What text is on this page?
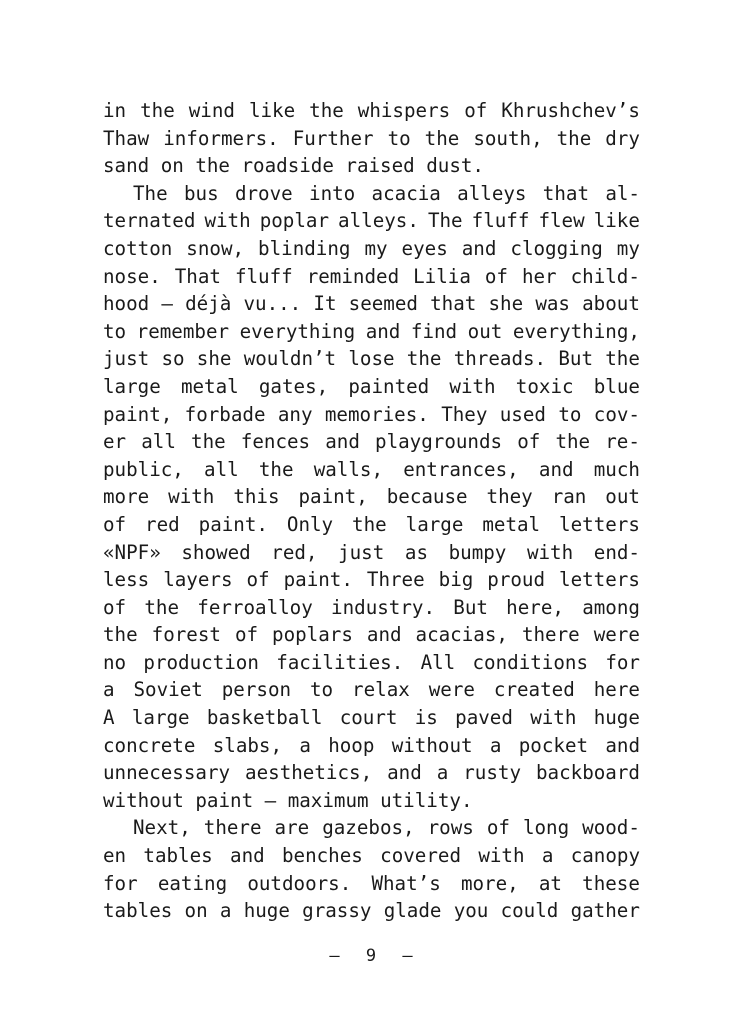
in the wind like the whispers of Khrushchev’s
Thaw informers. Further to the south, the dry
sand on the roadside raised dust.
The bus drove into acacia alleys that al-
ternated with poplar alleys. The fluff flew like
cotton snow, blinding my eyes and clogging my
nose. That fluff reminded Lilia of her child-
hood – déjà vu... It seemed that she was about
to remember everything and find out everything,
just so she wouldn’t lose the threads. But the
large metal gates, painted with toxic blue
paint, forbade any memories. They used to cov-
er all the fences and playgrounds of the re-
public, all the walls, entrances, and much
more with this paint, because they ran out
of red paint. Only the large metal letters
«NPF» showed red, just as bumpy with end-
less layers of paint. Three big proud letters
of the ferroalloy industry. But here, among
the forest of poplars and acacias, there were
no production facilities. All conditions for
a Soviet person to relax were created here
A large basketball court is paved with huge
concrete slabs, a hoop without a pocket and
unnecessary aesthetics, and a rusty backboard
without paint – maximum utility.
Next, there are gazebos, rows of long wood-
en tables and benches covered with a canopy
for eating outdoors. What’s more, at these
tables on a huge grassy glade you could gather
– 9 –
